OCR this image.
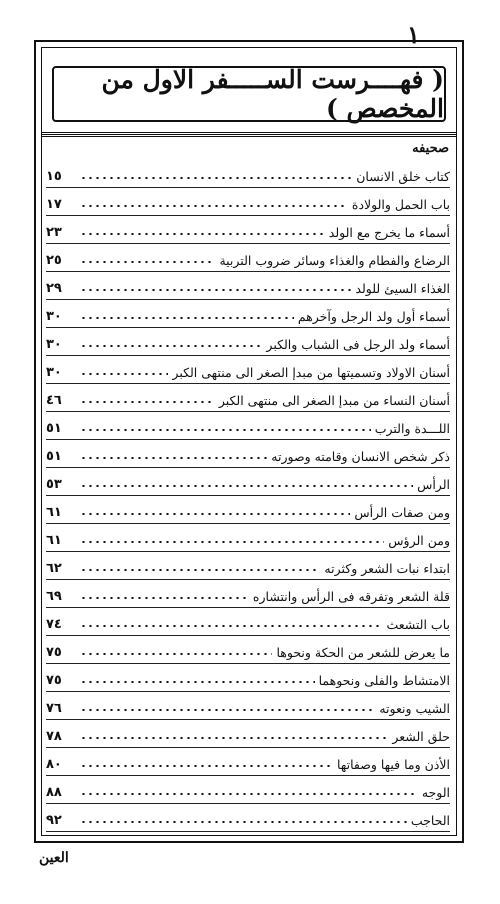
١
( فهــــرست الســـــفر الاول من المخصص )
صحيفه
١٥	كتاب خلق الانسان
١٧	باب الحمل والولادة
٢٣	أسماء ما يخرج مع الولد
٢٥	الرضاع والفطام والغذاء وسائر ضروب التربية
٢٩	الغذاء السيئ للولد
٣٠	أسماء أول ولد الرجل وآخرهم
٣٠	أسماء ولد الرجل فى الشباب والكبر
٣٠	أسنان الاولاد وتسميتها من مبدإ الصغر الى منتهى الكبر
٤٦	أسنان النساء من مبدإ الصغر الى منتهى الكبر
٥١	اللـــدة والترب
٥١	ذكر شخص الانسان وقامته وصورته
٥٣	الرأس
٦١	ومن صفات الرأس
٦١	ومن الرؤس
٦٢	ابتداء نبات الشعر وكثرته
٦٩	قلة الشعر وتفرقه فى الرأس وانتشاره
٧٤	باب التشعث
٧٥	ما يعرض للشعر من الحكة ونحوها
٧٥	الامتشاط والفلى ونحوهما
٧٦	الشيب ونعوته
٧٨	حلق الشعر
٨٠	الأذن وما فيها وصفاتها
٨٨	الوجه
٩٢	الحاجب
العين
